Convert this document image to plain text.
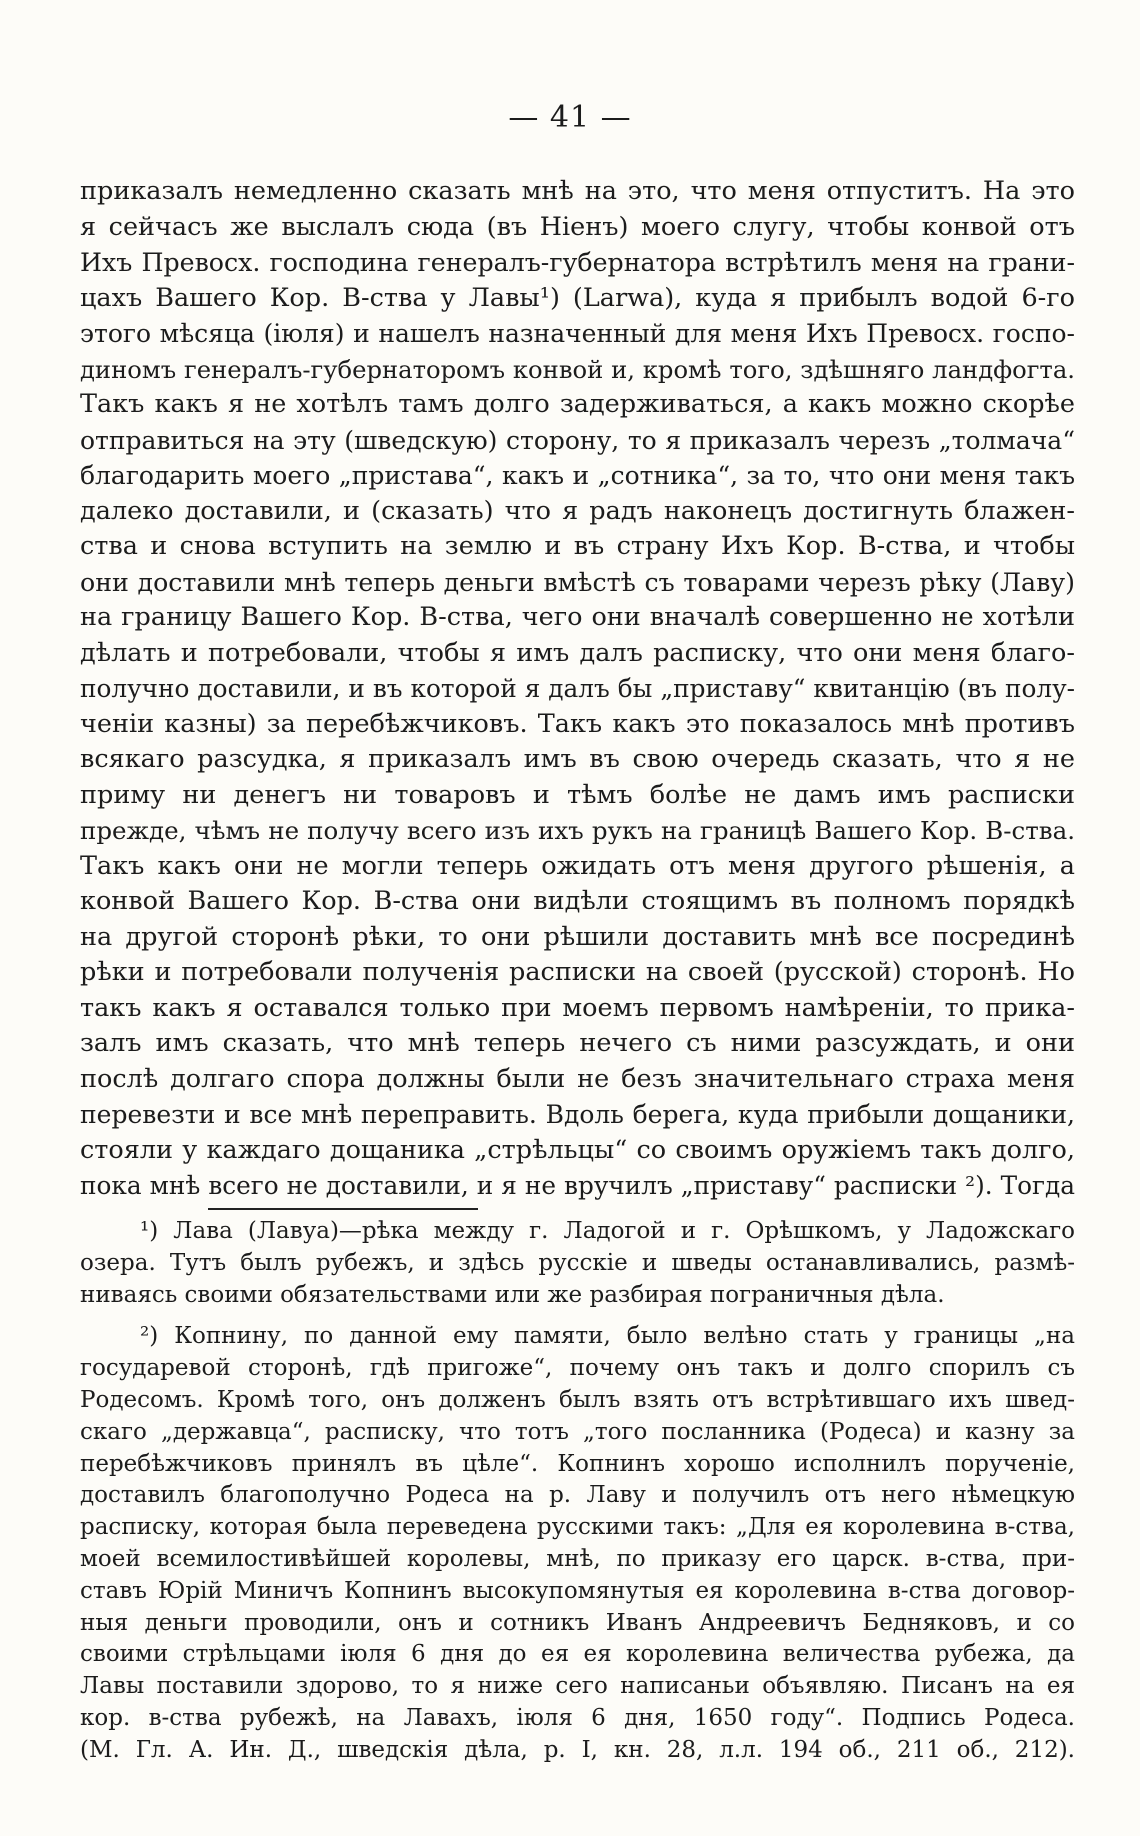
— 41 —
приказалъ немедленно сказать мнѣ на это, что меня отпуститъ. На это
я сейчасъ же выслалъ сюда (въ Ніенъ) моего слугу, чтобы конвой отъ
Ихъ Превосх. господина генералъ-губернатора встрѣтилъ меня на грани-
цахъ Вашего Кор. В-ства у Лавы¹) (Larwa), куда я прибылъ водой 6-го
этого мѣсяца (іюля) и нашелъ назначенный для меня Ихъ Превосх. госпо-
диномъ генералъ-губернаторомъ конвой и, кромѣ того, здѣшняго ландфогта.
Такъ какъ я не хотѣлъ тамъ долго задерживаться, а какъ можно скорѣе
отправиться на эту (шведскую) сторону, то я приказалъ черезъ „толмача“
благодарить моего „пристава“, какъ и „сотника“, за то, что они меня такъ
далеко доставили, и (сказать) что я радъ наконецъ достигнуть блажен-
ства и снова вступить на землю и въ страну Ихъ Кор. В-ства, и чтобы
они доставили мнѣ теперь деньги вмѣстѣ съ товарами черезъ рѣку (Лаву)
на границу Вашего Кор. В-ства, чего они вначалѣ совершенно не хотѣли
дѣлать и потребовали, чтобы я имъ далъ расписку, что они меня благо-
получно доставили, и въ которой я далъ бы „приставу“ квитанцію (въ полу-
ченіи казны) за перебѣжчиковъ. Такъ какъ это показалось мнѣ противъ
всякаго разсудка, я приказалъ имъ въ свою очередь сказать, что я не
приму ни денегъ ни товаровъ и тѣмъ болѣе не дамъ имъ расписки
прежде, чѣмъ не получу всего изъ ихъ рукъ на границѣ Вашего Кор. В-ства.
Такъ какъ они не могли теперь ожидать отъ меня другого рѣшенія, а
конвой Вашего Кор. В-ства они видѣли стоящимъ въ полномъ порядкѣ
на другой сторонѣ рѣки, то они рѣшили доставить мнѣ все посрединѣ
рѣки и потребовали полученія расписки на своей (русской) сторонѣ. Но
такъ какъ я оставался только при моемъ первомъ намѣреніи, то прика-
залъ имъ сказать, что мнѣ теперь нечего съ ними разсуждать, и они
послѣ долгаго спора должны были не безъ значительнаго страха меня
перевезти и все мнѣ переправить. Вдоль берега, куда прибыли дощаники,
стояли у каждаго дощаника „стрѣльцы“ со своимъ оружіемъ такъ долго,
пока мнѣ всего не доставили, и я не вручилъ „приставу“ расписки ²). Тогда
¹) Лава (Лавуа)—рѣка между г. Ладогой и г. Орѣшкомъ, у Ладожскаго
озера. Тутъ былъ рубежъ, и здѣсь русскіе и шведы останавливались, размѣ-
ниваясь своими обязательствами или же разбирая пограничныя дѣла.
²) Копнину, по данной ему памяти, было велѣно стать у границы „на
государевой сторонѣ, гдѣ пригоже“, почему онъ такъ и долго спорилъ съ
Родесомъ. Кромѣ того, онъ долженъ былъ взять отъ встрѣтившаго ихъ швед-
скаго „державца“, расписку, что тотъ „того посланника (Родеса) и казну за
перебѣжчиковъ принялъ въ цѣле“. Копнинъ хорошо исполнилъ порученіе,
доставилъ благополучно Родеса на р. Лаву и получилъ отъ него нѣмецкую
расписку, которая была переведена русскими такъ: „Для ея королевина в-ства,
моей всемилостивѣйшей королевы, мнѣ, по приказу его царск. в-ства, при-
ставъ Юрій Миничъ Копнинъ высокупомянутыя ея королевина в-ства договор-
ныя деньги проводили, онъ и сотникъ Иванъ Андреевичъ Бедняковъ, и со
своими стрѣльцами іюля 6 дня до ея ея королевина величества рубежа, да
Лавы поставили здорово, то я ниже сего написаньи объявляю. Писанъ на ея
кор. в-ства рубежѣ, на Лавахъ, іюля 6 дня, 1650 году“. Подпись Родеса.
(М. Гл. А. Ин. Д., шведскія дѣла, р. I, кн. 28, л.л. 194 об., 211 об., 212).
